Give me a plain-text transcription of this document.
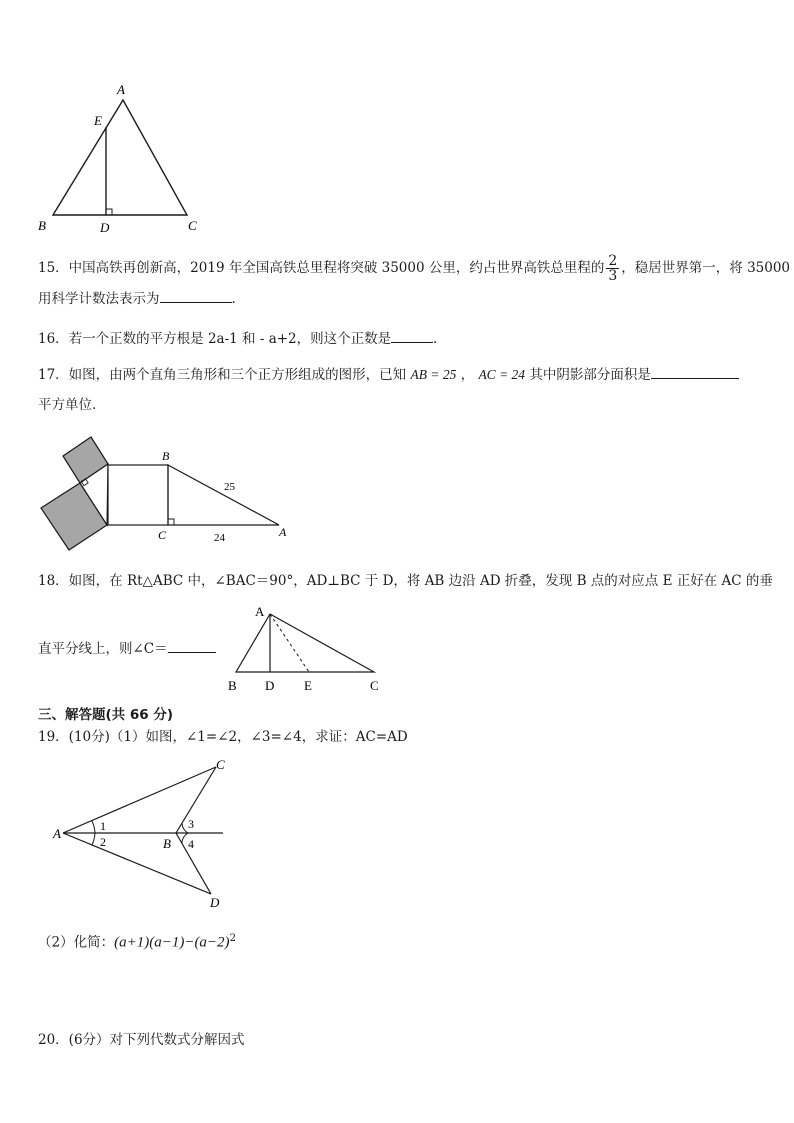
A
E
B	D	C
15．中国高铁再创新高，2019 年全国高铁总里程将突破 35000 公里，约占世界高铁总里程的 $\frac{2}{3}$ ，稳居世界第一，将 35000
用科学计数法表示为	．
16．若一个正数的平方根是 2a-1 和 - a+2，则这个正数是	．
17．如图，由两个直角三角形和三个正方形组成的图形，已知 AB = 25 ， AC = 24 其中阴影部分面积是
平方单位．
B
C	A
25
24
18．如图，在 Rt△ABC 中，∠BAC＝90°，AD⊥BC 于 D，将 AB 边沿 AD 折叠，发现 B 点的对应点 E 正好在 AC 的垂
直平分线上，则∠C＝
A
B D E	C
三、解答题(共 66 分)
19．(10分)（1）如图，∠1=∠2，∠3=∠4，求证：AC=AD
A
B
C
D
1
2
3
4
（2）化简：$(a+1)(a-1)-(a-2)^2$
20．(6分）对下列代数式分解因式
